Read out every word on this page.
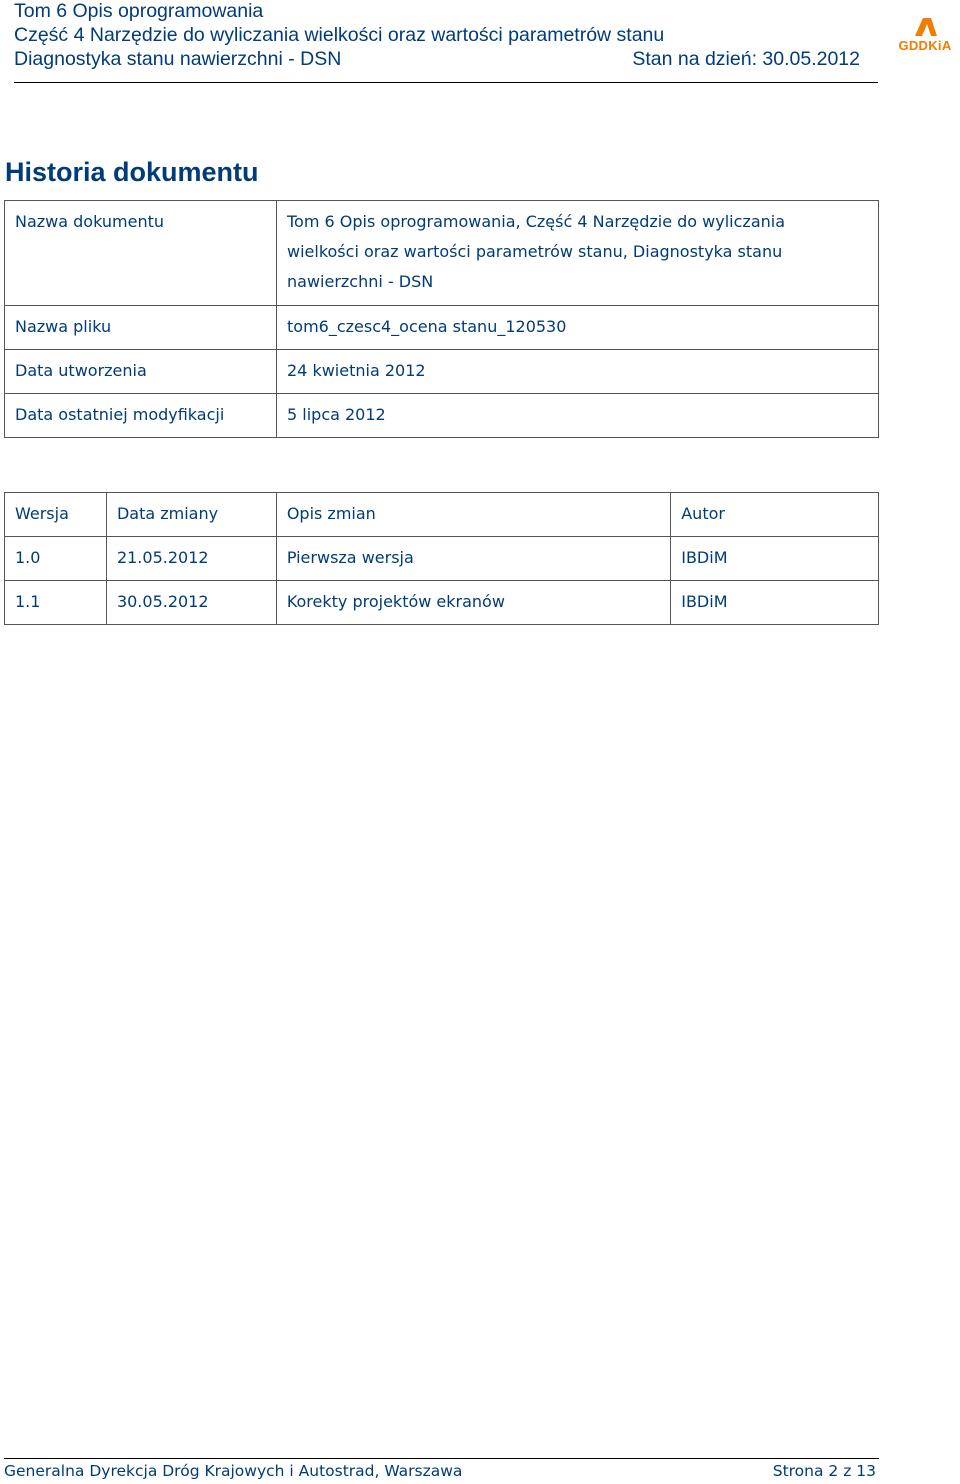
Tom 6 Opis oprogramowania
Część 4 Narzędzie do wyliczania wielkości oraz wartości parametrów stanu
Diagnostyka stanu nawierzchni - DSN	Stan na dzień: 30.05.2012
GDDKiA
Historia dokumentu
Nazwa dokumentu	Tom 6 Opis oprogramowania, Część 4 Narzędzie do wyliczania
wielkości oraz wartości parametrów stanu, Diagnostyka stanu
nawierzchni - DSN

Nazwa pliku	tom6_czesc4_ocena stanu_120530
Data utworzenia	24 kwietnia 2012
Data ostatniej modyfikacji	5 lipca 2012
Wersja	Data zmiany	Opis zmian	Autor
1.0	21.05.2012	Pierwsza wersja	IBDiM
1.1	30.05.2012	Korekty projektów ekranów	IBDiM
Generalna Dyrekcja Dróg Krajowych i Autostrad, Warszawa	Strona 2 z 13
